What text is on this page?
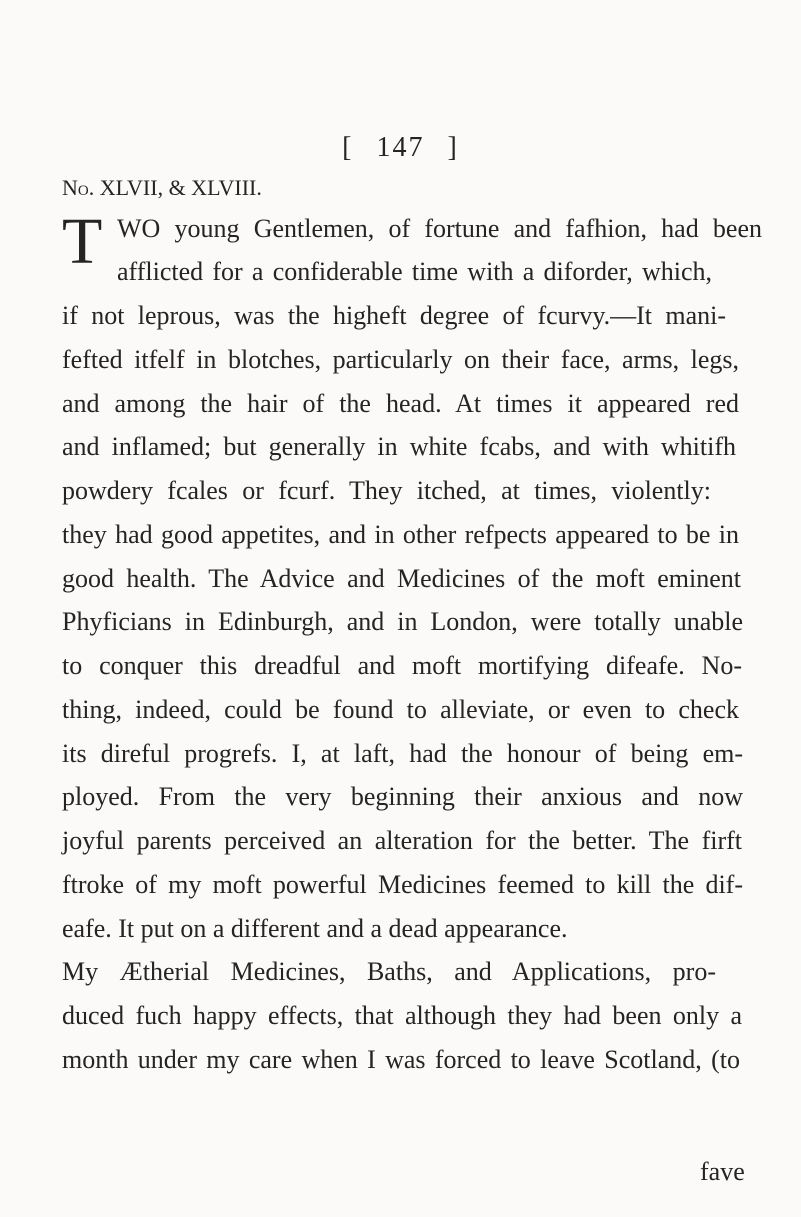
[ 147 ]
No. XLVII, & XLVIII.
T WO young Gentlemen, of fortune and fafhion, had been
afflicted for a confiderable time with a diforder, which,
if not leprous, was the higheft degree of fcurvy.—It mani-
fefted itfelf in blotches, particularly on their face, arms, legs,
and among the hair of the head. At times it appeared red
and inflamed; but generally in white fcabs, and with whitifh
powdery fcales or fcurf. They itched, at times, violently:
they had good appetites, and in other refpects appeared to be in
good health. The Advice and Medicines of the moft eminent
Phyficians in Edinburgh, and in London, were totally unable
to conquer this dreadful and moft mortifying difeafe. No-
thing, indeed, could be found to alleviate, or even to check
its direful progrefs. I, at laft, had the honour of being em-
ployed. From the very beginning their anxious and now
joyful parents perceived an alteration for the better. The firft
ftroke of my moft powerful Medicines feemed to kill the dif-
eafe. It put on a different and a dead appearance.
My Ætherial Medicines, Baths, and Applications, pro-
duced fuch happy effects, that although they had been only a
month under my care when I was forced to leave Scotland, (to
fave
